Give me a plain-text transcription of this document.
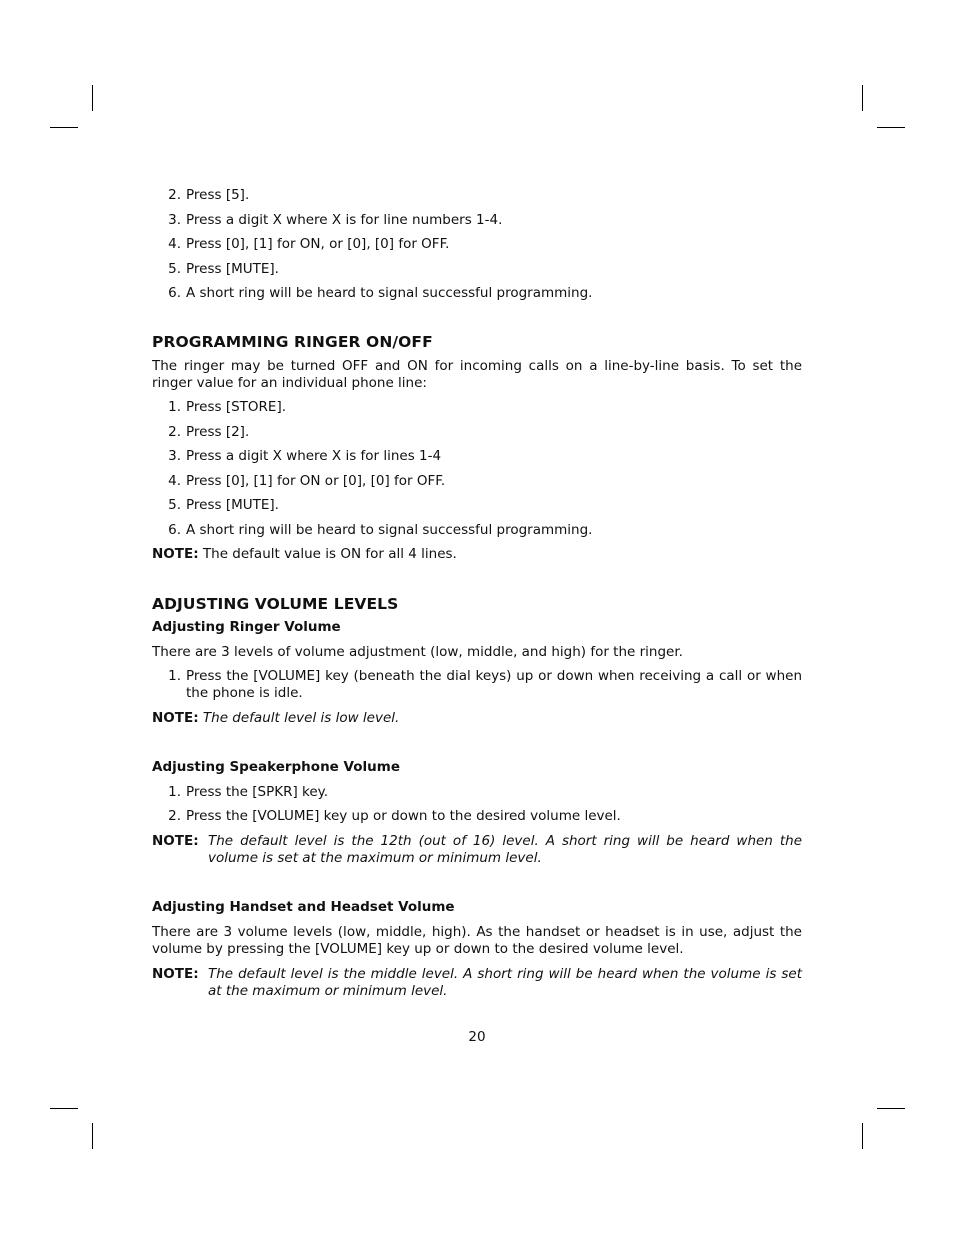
2. Press [5].
3. Press a digit X where X is for line numbers 1-4.
4. Press [0], [1] for ON, or [0], [0] for OFF.
5. Press [MUTE].
6. A short ring will be heard to signal successful programming.
PROGRAMMING RINGER ON/OFF

The ringer may be turned OFF and ON for incoming calls on a line-by-line basis. To set the ringer value for an individual phone line:

1. Press [STORE].
2. Press [2].
3. Press a digit X where X is for lines 1-4
4. Press [0], [1] for ON or [0], [0] for OFF.
5. Press [MUTE].
6. A short ring will be heard to signal successful programming.

NOTE: The default value is ON for all 4 lines.

ADJUSTING VOLUME LEVELS
Adjusting Ringer Volume

There are 3 levels of volume adjustment (low, middle, and high) for the ringer.

1. Press the [VOLUME] key (beneath the dial keys) up or down when receiving a call or when the phone is idle.

NOTE: The default level is low level.

Adjusting Speakerphone Volume
1. Press the [SPKR] key.
2. Press the [VOLUME] key up or down to the desired volume level.

NOTE: The default level is the 12th (out of 16) level. A short ring will be heard when the volume is set at the maximum or minimum level.

Adjusting Handset and Headset Volume

There are 3 volume levels (low, middle, high). As the handset or headset is in use, adjust the volume by pressing the [VOLUME] key up or down to the desired volume level.

NOTE: The default level is the middle level. A short ring will be heard when the volume is set at the maximum or minimum level.

20
